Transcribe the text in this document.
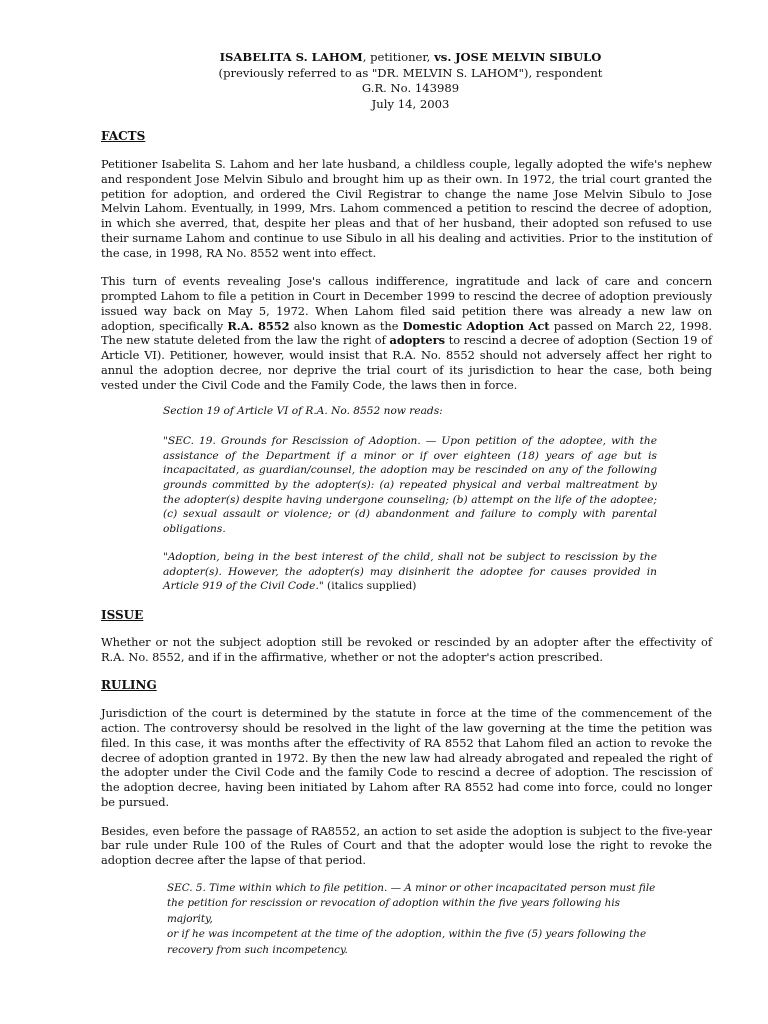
ISABELITA S. LAHOM, petitioner, vs. JOSE MELVIN SIBULO
(previously referred to as "DR. MELVIN S. LAHOM"), respondent
G.R. No. 143989
July 14, 2003
FACTS

Petitioner Isabelita S. Lahom and her late husband, a childless couple, legally adopted the wife's nephew and respondent Jose Melvin Sibulo and brought him up as their own. In 1972, the trial court granted the petition for adoption, and ordered the Civil Registrar to change the name Jose Melvin Sibulo to Jose Melvin Lahom. Eventually, in 1999, Mrs. Lahom commenced a petition to rescind the decree of adoption, in which she averred, that, despite her pleas and that of her husband, their adopted son refused to use their surname Lahom and continue to use Sibulo in all his dealing and activities. Prior to the institution of the case, in 1998, RA No. 8552 went into effect.

This turn of events revealing Jose's callous indifference, ingratitude and lack of care and concern prompted Lahom to file a petition in Court in December 1999 to rescind the decree of adoption previously issued way back on May 5, 1972. When Lahom filed said petition there was already a new law on adoption, specifically R.A. 8552 also known as the Domestic Adoption Act passed on March 22, 1998. The new statute deleted from the law the right of adopters to rescind a decree of adoption (Section 19 of Article VI). Petitioner, however, would insist that R.A. No. 8552 should not adversely affect her right to annul the adoption decree, nor deprive the trial court of its jurisdiction to hear the case, both being vested under the Civil Code and the Family Code, the laws then in force.

Section 19 of Article VI of R.A. No. 8552 now reads:
"SEC. 19. Grounds for Rescission of Adoption. — Upon petition of the adoptee, with the assistance of the Department if a minor or if over eighteen (18) years of age but is incapacitated, as guardian/counsel, the adoption may be rescinded on any of the following grounds committed by the adopter(s): (a) repeated physical and verbal maltreatment by the adopter(s) despite having undergone counseling; (b) attempt on the life of the adoptee; (c) sexual assault or violence; or (d) abandonment and failure to comply with parental obligations.
"Adoption, being in the best interest of the child, shall not be subject to rescission by the adopter(s). However, the adopter(s) may disinherit the adoptee for causes provided in Article 919 of the Civil Code." (italics supplied)
ISSUE

Whether or not the subject adoption still be revoked or rescinded by an adopter after the effectivity of R.A. No. 8552, and if in the affirmative, whether or not the adopter's action prescribed.

RULING

Jurisdiction of the court is determined by the statute in force at the time of the commencement of the action. The controversy should be resolved in the light of the law governing at the time the petition was filed. In this case, it was months after the effectivity of RA 8552 that Lahom filed an action to revoke the decree of adoption granted in 1972. By then the new law had already abrogated and repealed the right of the adopter under the Civil Code and the family Code to rescind a decree of adoption. The rescission of the adoption decree, having been initiated by Lahom after RA 8552 had come into force, could no longer be pursued.

Besides, even before the passage of RA8552, an action to set aside the adoption is subject to the five-year bar rule under Rule 100 of the Rules of Court and that the adopter would lose the right to revoke the adoption decree after the lapse of that period.

SEC. 5. Time within which to file petition. — A minor or other incapacitated person must file
the petition for rescission or revocation of adoption within the five years following his majority,
or if he was incompetent at the time of the adoption, within the five (5) years following the
recovery from such incompetency.
